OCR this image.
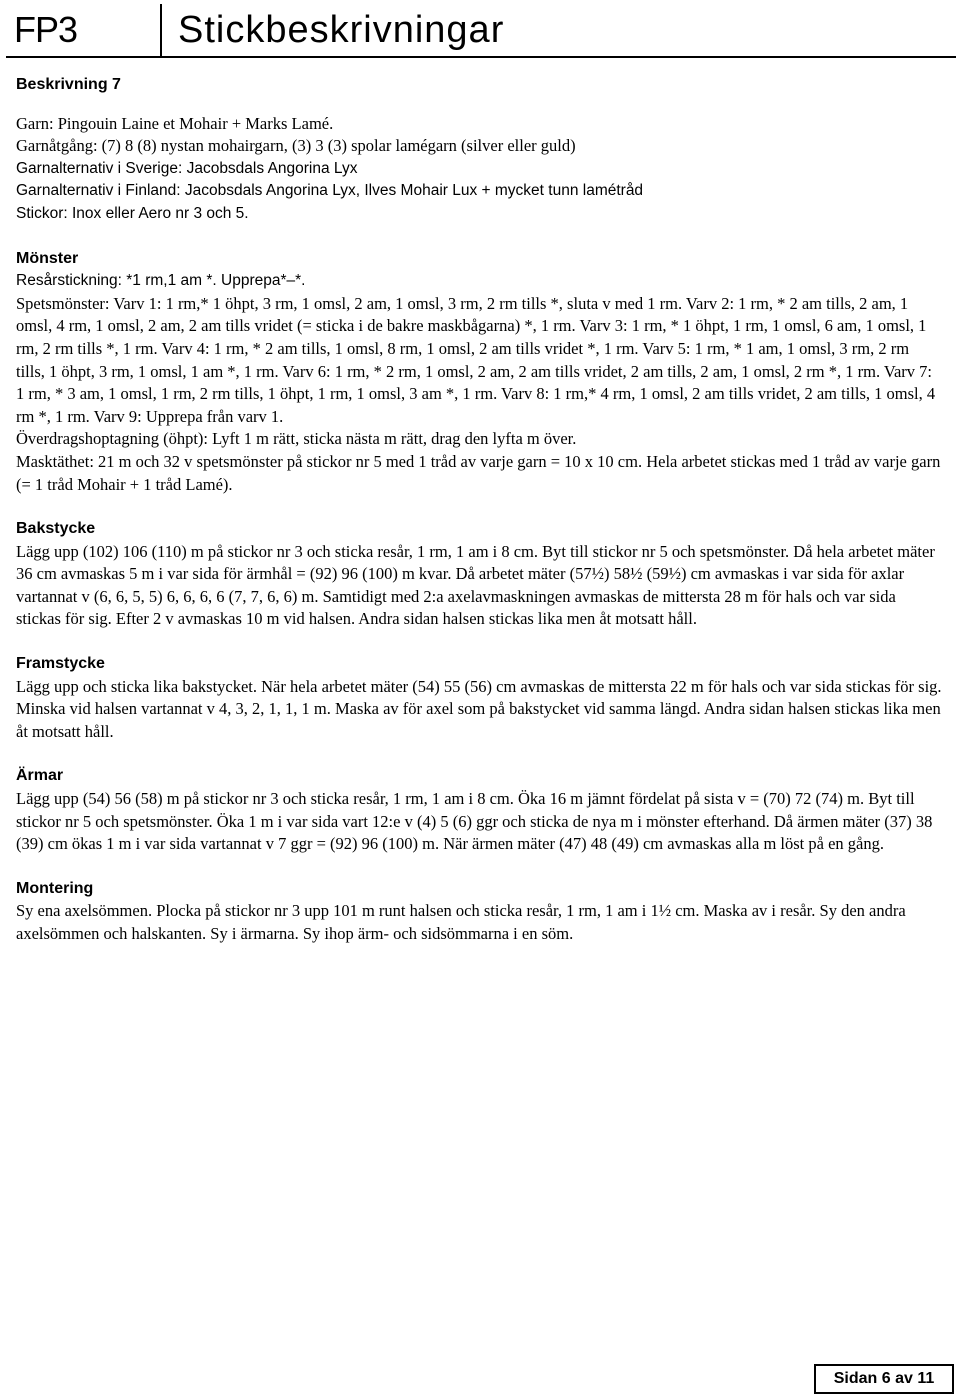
FP3	Stickbeskrivningar

Beskrivning 7

Garn: Pingouin Laine et Mohair + Marks Lamé.

Garnåtgång: (7) 8 (8) nystan mohairgarn, (3) 3 (3) spolar lamégarn (silver eller guld)

Garnalternativ i Sverige: Jacobsdals Angorina Lyx

Garnalternativ i Finland: Jacobsdals Angorina Lyx, Ilves Mohair Lux + mycket tunn lamétråd

Stickor: Inox eller Aero nr 3 och 5.

Mönster

Resårstickning: *1 rm,1 am *. Upprepa*–*.

Spetsmönster: Varv 1: 1 rm,* 1 öhpt, 3 rm, 1 omsl, 2 am, 1 omsl, 3 rm, 2 rm tills *, sluta v med 1 rm. Varv 2: 1 rm, * 2 am tills, 2 am, 1 omsl, 4 rm, 1 omsl, 2 am, 2 am tills vridet (= sticka i de bakre maskbågarna) *, 1 rm. Varv 3: 1 rm, * 1 öhpt, 1 rm, 1 omsl, 6 am, 1 omsl, 1 rm, 2 rm tills *, 1 rm. Varv 4: 1 rm, * 2 am tills, 1 omsl, 8 rm, 1 omsl, 2 am tills vridet *, 1 rm. Varv 5: 1 rm, * 1 am, 1 omsl, 3 rm, 2 rm tills, 1 öhpt, 3 rm, 1 omsl, 1 am *, 1 rm. Varv 6: 1 rm, * 2 rm, 1 omsl, 2 am, 2 am tills vridet, 2 am tills, 2 am, 1 omsl, 2 rm *, 1 rm. Varv 7: 1 rm, * 3 am, 1 omsl, 1 rm, 2 rm tills, 1 öhpt, 1 rm, 1 omsl, 3 am *, 1 rm. Varv 8: 1 rm,* 4 rm, 1 omsl, 2 am tills vridet, 2 am tills, 1 omsl, 4 rm *, 1 rm. Varv 9: Upprepa från varv 1.

Överdragshoptagning (öhpt): Lyft 1 m rätt, sticka nästa m rätt, drag den lyfta m över.

Masktäthet: 21 m och 32 v spetsmönster på stickor nr 5 med 1 tråd av varje garn = 10 x 10 cm. Hela arbetet stickas med 1 tråd av varje garn (= 1 tråd Mohair + 1 tråd Lamé).

Bakstycke

Lägg upp (102) 106 (110) m på stickor nr 3 och sticka resår, 1 rm, 1 am i 8 cm. Byt till stickor nr 5 och spetsmönster. Då hela arbetet mäter 36 cm avmaskas 5 m i var sida för ärmhål = (92) 96 (100) m kvar. Då arbetet mäter (57½) 58½ (59½) cm avmaskas i var sida för axlar vartannat v (6, 6, 5, 5) 6, 6, 6, 6 (7, 7, 6, 6) m. Samtidigt med 2:a axelavmaskningen avmaskas de mittersta 28 m för hals och var sida stickas för sig. Efter 2 v avmaskas 10 m vid halsen. Andra sidan halsen stickas lika men åt motsatt håll.

Framstycke

Lägg upp och sticka lika bakstycket. När hela arbetet mäter (54) 55 (56) cm avmaskas de mittersta 22 m för hals och var sida stickas för sig. Minska vid halsen vartannat v 4, 3, 2, 1, 1, 1 m. Maska av för axel som på bakstycket vid samma längd. Andra sidan halsen stickas lika men åt motsatt håll.

Ärmar

Lägg upp (54) 56 (58) m på stickor nr 3 och sticka resår, 1 rm, 1 am i 8 cm. Öka 16 m jämnt fördelat på sista v = (70) 72 (74) m. Byt till stickor nr 5 och spetsmönster. Öka 1 m i var sida vart 12:e v (4) 5 (6) ggr och sticka de nya m i mönster efterhand. Då ärmen mäter (37) 38 (39) cm ökas 1 m i var sida vartannat v 7 ggr = (92) 96 (100) m. När ärmen mäter (47) 48 (49) cm avmaskas alla m löst på en gång.

Montering

Sy ena axelsömmen. Plocka på stickor nr 3 upp 101 m runt halsen och sticka resår, 1 rm, 1 am i 1½ cm. Maska av i resår. Sy den andra axelsömmen och halskanten. Sy i ärmarna. Sy ihop ärm- och sidsömmarna i en söm.

Sidan 6 av 11
